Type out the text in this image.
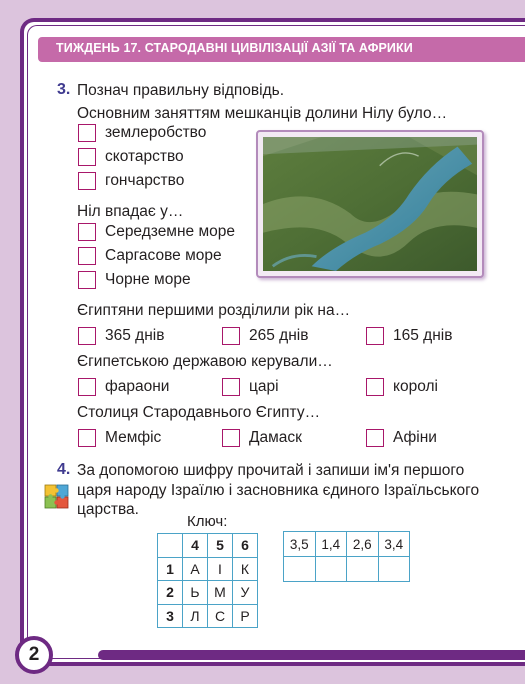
ТИЖДЕНЬ 17. СТАРОДАВНІ ЦИВІЛІЗАЦІЇ АЗІЇ ТА АФРИКИ
3. Познач правильну відповідь.
Основним заняттям мешканців долини Нілу було…
землеробство
скотарство
гончарство
Ніл впадає у…
Середземне море
Саргасове море
Чорне море
Єгиптяни першими розділили рік на…
365 днів	265 днів	165 днів
Єгипетською державою керували…
фараони	царі	королі
Столиця Стародавнього Єгипту…
Мемфіс	Дамаск	Афіни
4. За допомогою шифру прочитай і запиши ім'я першого
царя народу Ізраїлю і засновника єдиного Ізраїльського
царства.
Ключ:
	4	5	6
1	А	І	К
2	Ь	М	У
3	Л	С	Р
3,5	1,4	2,6	3,4

2
